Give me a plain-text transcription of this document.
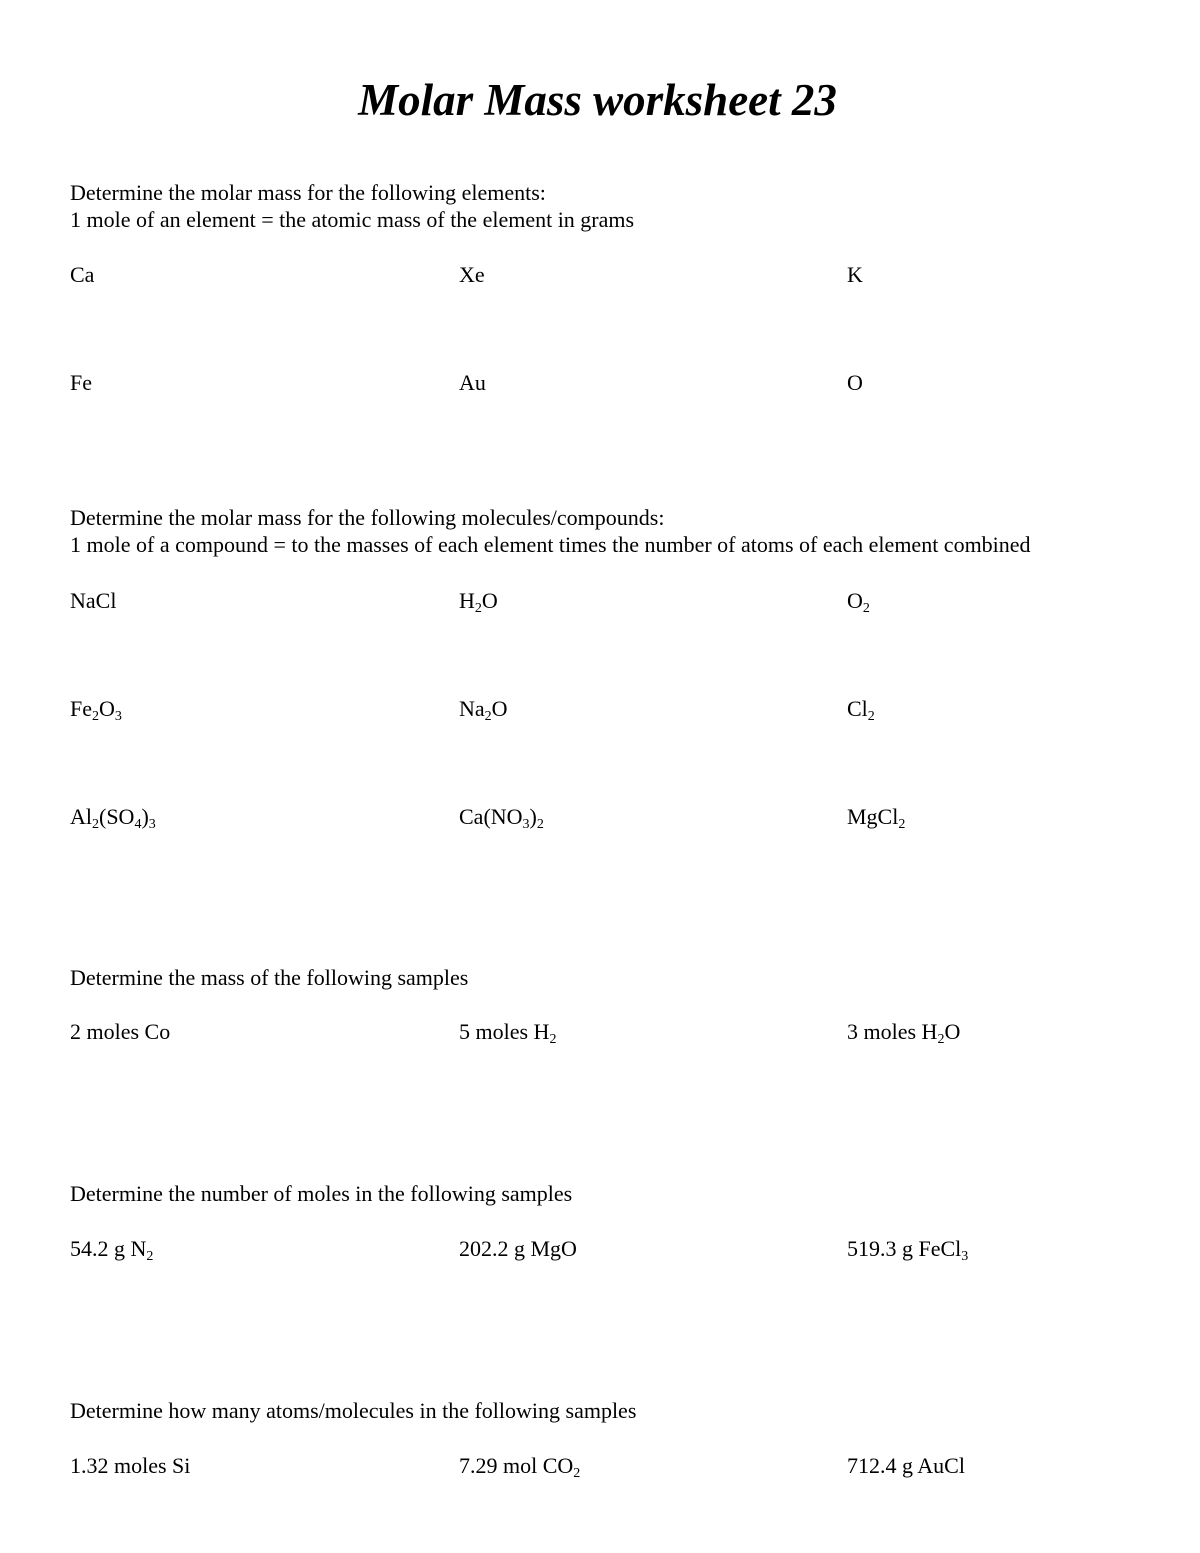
Molar Mass worksheet 23

Determine the molar mass for the following elements:

1 mole of an element = the atomic mass of the element in grams

Ca	Xe	K
Fe	Au	O

Determine the molar mass for the following molecules/compounds:

1 mole of a compound = to the masses of each element times the number of atoms of each element combined

NaCl	$H_2O$	$O_2$
$Fe_2O_3$	$Na_2O$	$Cl_2$
$Al_2(SO_4)_3$	$Ca(NO_3)_2$	MgCl$_2$

Determine the mass of the following samples

2 moles Co	5 moles $H_2$	3 moles $H_2O$

Determine the number of moles in the following samples

54.2 g $N_2$	202.2 g MgO	519.3 g FeCl$_3$

Determine how many atoms/molecules in the following samples

1.32 moles Si	7.29 mol $CO_2$	712.4 g AuCl
